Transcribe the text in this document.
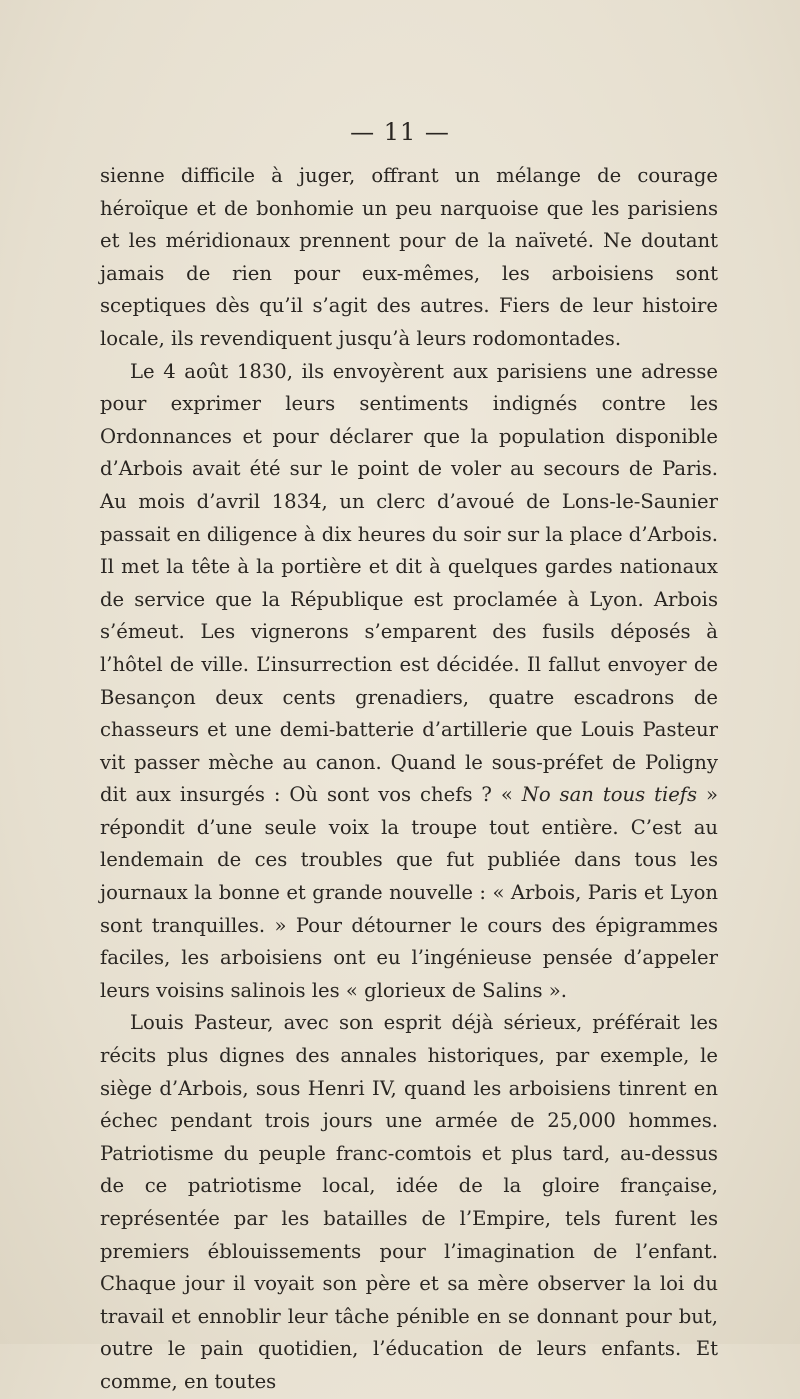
— 11 —

sienne difficile à juger, offrant un mélange de courage héroïque et de bonhomie un peu narquoise que les parisiens et les méridionaux prennent pour de la naïveté. Ne doutant jamais de rien pour eux-mêmes, les arboisiens sont sceptiques dès qu’il s’agit des autres. Fiers de leur histoire locale, ils revendiquent jusqu’à leurs rodomontades.

Le 4 août 1830, ils envoyèrent aux parisiens une adresse pour exprimer leurs sentiments indignés contre les Ordonnances et pour déclarer que la population disponible d’Arbois avait été sur le point de voler au secours de Paris. Au mois d’avril 1834, un clerc d’avoué de Lons-le-Saunier passait en diligence à dix heures du soir sur la place d’Arbois. Il met la tête à la portière et dit à quelques gardes nationaux de service que la République est proclamée à Lyon. Arbois s’émeut. Les vignerons s’emparent des fusils déposés à l’hôtel de ville. L’insurrection est décidée. Il fallut envoyer de Besançon deux cents grenadiers, quatre escadrons de chasseurs et une demi-batterie d’artillerie que Louis Pasteur vit passer mèche au canon. Quand le sous-préfet de Poligny dit aux insurgés : Où sont vos chefs ? « No san tous tiefs » répondit d’une seule voix la troupe tout entière. C’est au lendemain de ces troubles que fut publiée dans tous les journaux la bonne et grande nouvelle : « Arbois, Paris et Lyon sont tranquilles. » Pour détourner le cours des épigrammes faciles, les arboisiens ont eu l’ingénieuse pensée d’appeler leurs voisins salinois les « glorieux de Salins ».

Louis Pasteur, avec son esprit déjà sérieux, préférait les récits plus dignes des annales historiques, par exemple, le siège d’Arbois, sous Henri IV, quand les arboisiens tinrent en échec pendant trois jours une armée de 25,000 hommes. Patriotisme du peuple franc-comtois et plus tard, au-dessus de ce patriotisme local, idée de la gloire française, représentée par les batailles de l’Empire, tels furent les premiers éblouissements pour l’imagination de l’enfant. Chaque jour il voyait son père et sa mère observer la loi du travail et ennoblir leur tâche pénible en se donnant pour but, outre le pain quotidien, l’éducation de leurs enfants. Et comme, en toutes
